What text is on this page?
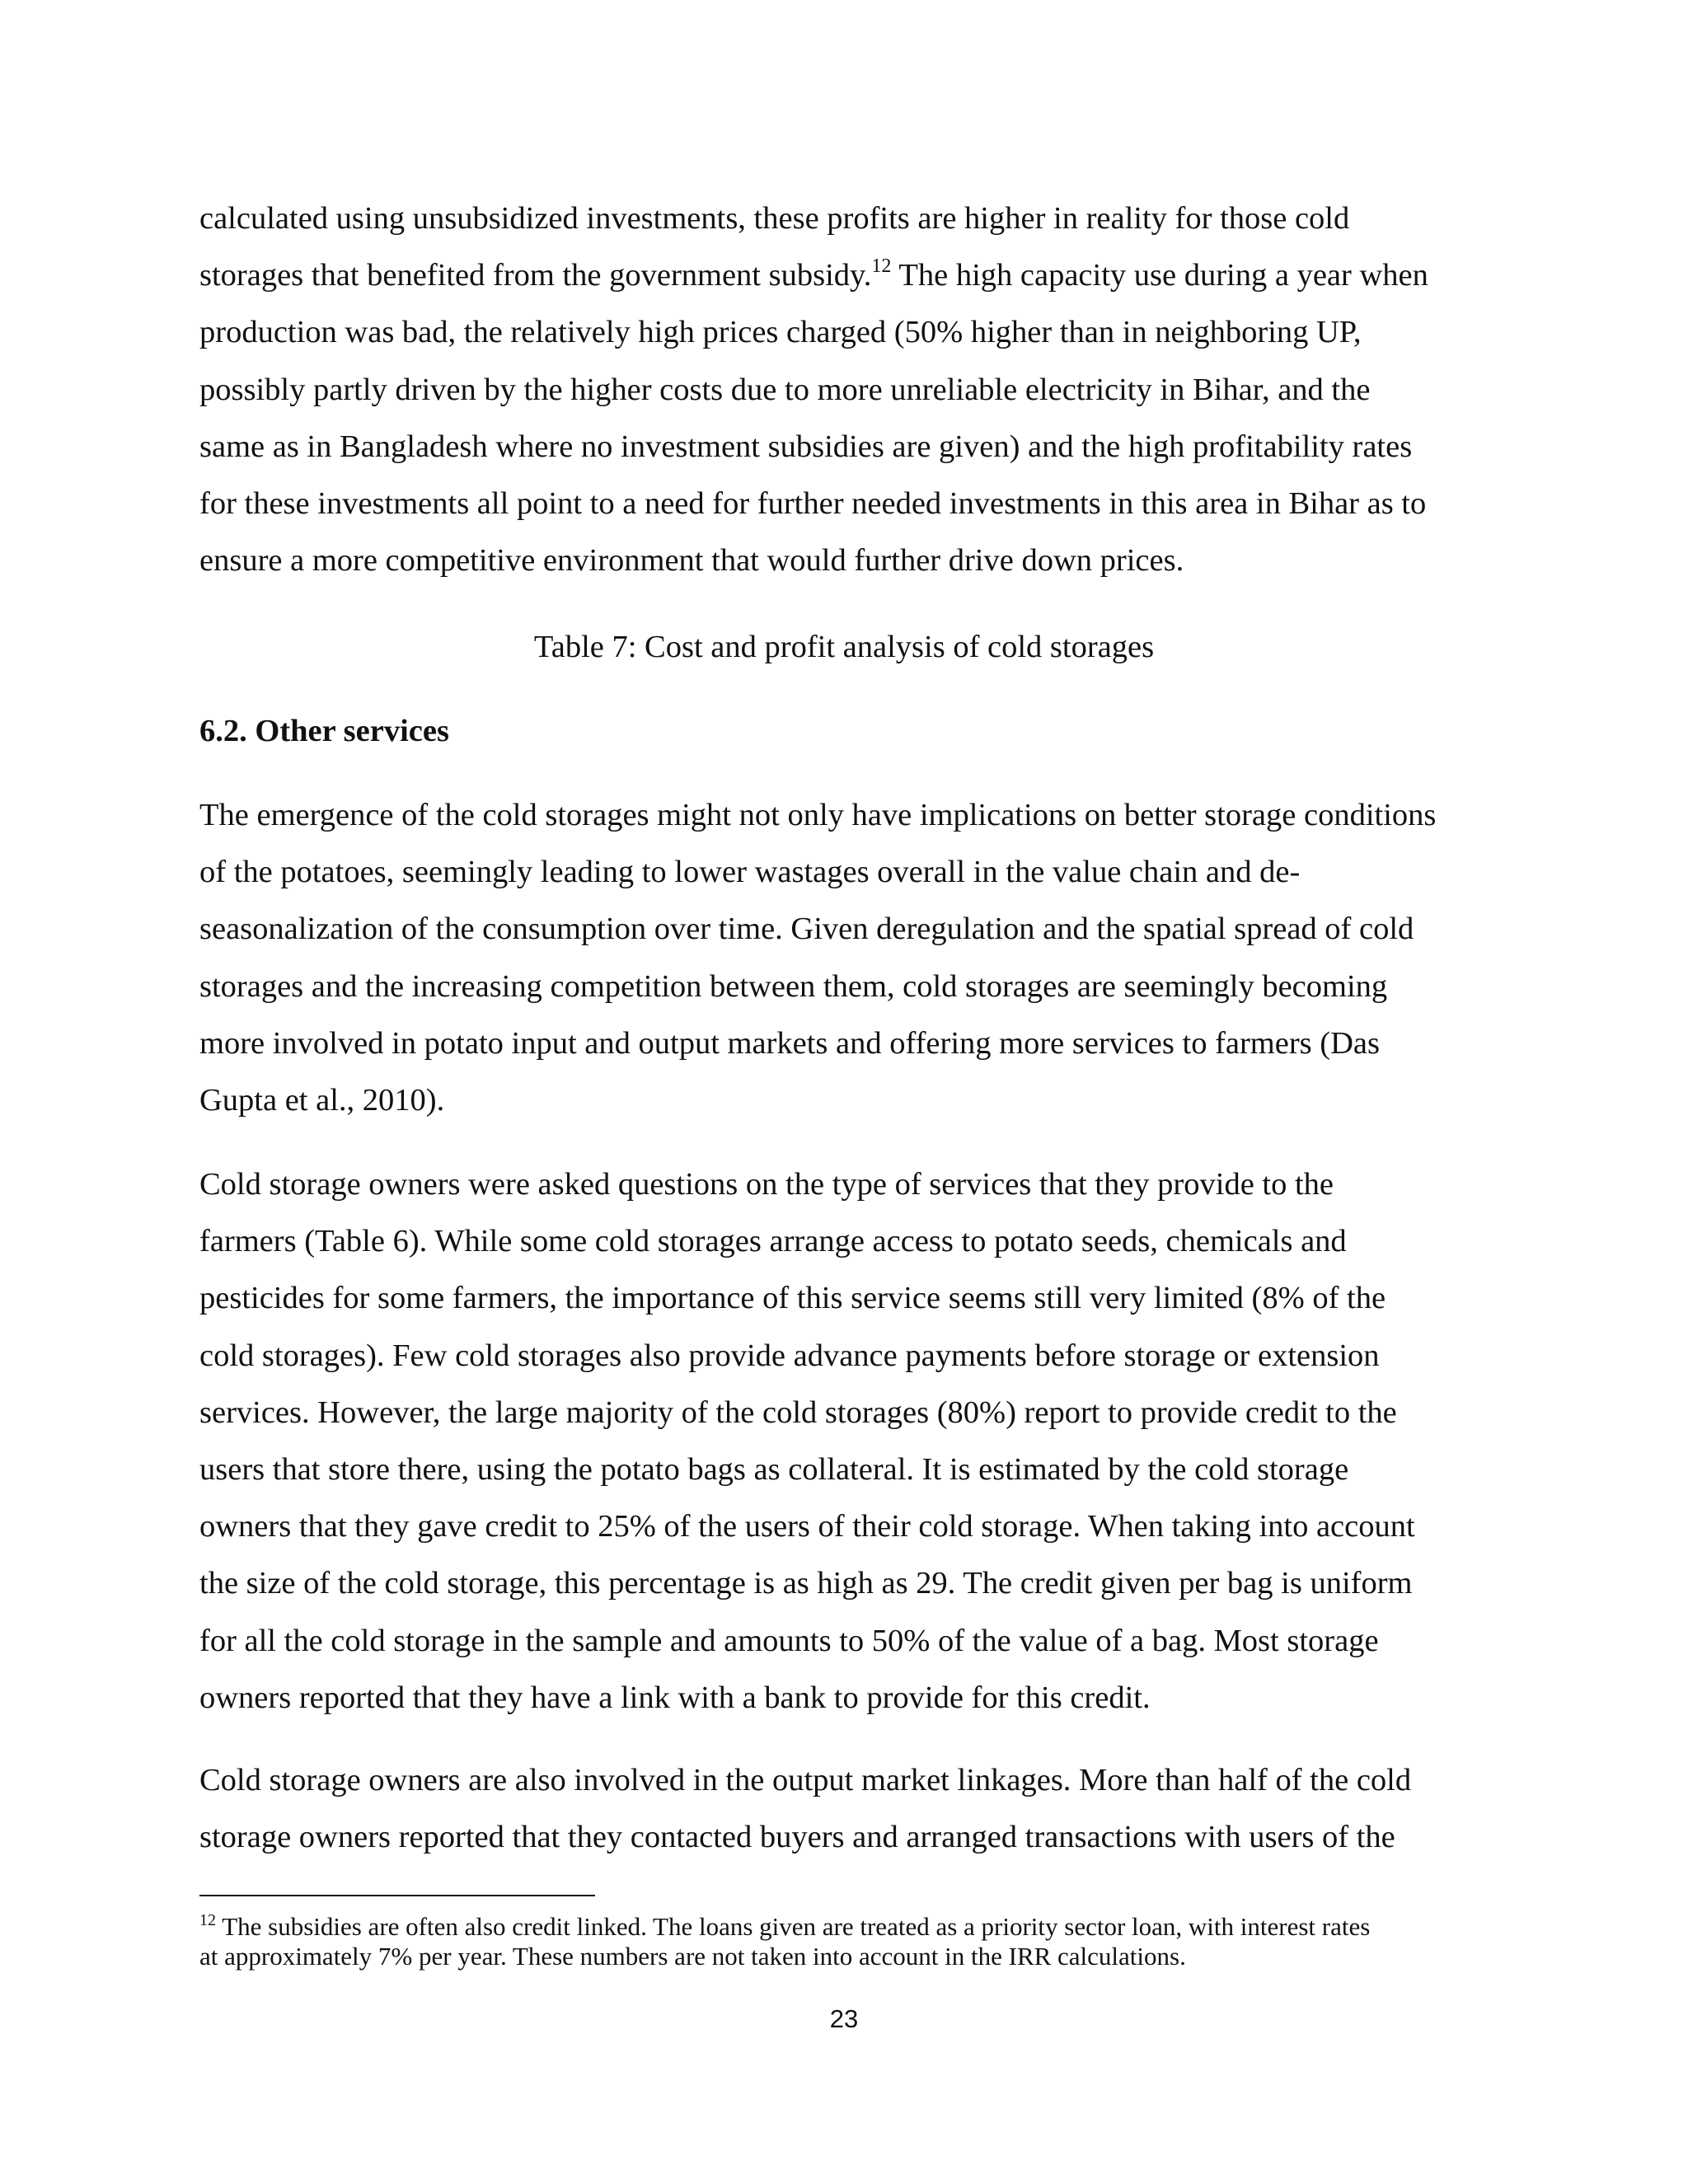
calculated using unsubsidized investments, these profits are higher in reality for those cold
storages that benefited from the government subsidy.$^{12}$ The high capacity use during a year when
production was bad, the relatively high prices charged (50% higher than in neighboring UP,
possibly partly driven by the higher costs due to more unreliable electricity in Bihar, and the
same as in Bangladesh where no investment subsidies are given) and the high profitability rates
for these investments all point to a need for further needed investments in this area in Bihar as to
ensure a more competitive environment that would further drive down prices.

Table 7: Cost and profit analysis of cold storages

6.2. Other services

The emergence of the cold storages might not only have implications on better storage conditions
of the potatoes, seemingly leading to lower wastages overall in the value chain and de-
seasonalization of the consumption over time. Given deregulation and the spatial spread of cold
storages and the increasing competition between them, cold storages are seemingly becoming
more involved in potato input and output markets and offering more services to farmers (Das
Gupta et al., 2010).

Cold storage owners were asked questions on the type of services that they provide to the
farmers (Table 6). While some cold storages arrange access to potato seeds, chemicals and
pesticides for some farmers, the importance of this service seems still very limited (8% of the
cold storages). Few cold storages also provide advance payments before storage or extension
services. However, the large majority of the cold storages (80%) report to provide credit to the
users that store there, using the potato bags as collateral. It is estimated by the cold storage
owners that they gave credit to 25% of the users of their cold storage. When taking into account
the size of the cold storage, this percentage is as high as 29. The credit given per bag is uniform
for all the cold storage in the sample and amounts to 50% of the value of a bag. Most storage
owners reported that they have a link with a bank to provide for this credit.

Cold storage owners are also involved in the output market linkages. More than half of the cold
storage owners reported that they contacted buyers and arranged transactions with users of the

$^{12}$ The subsidies are often also credit linked. The loans given are treated as a priority sector loan, with interest rates
at approximately 7% per year. These numbers are not taken into account in the IRR calculations.

23
